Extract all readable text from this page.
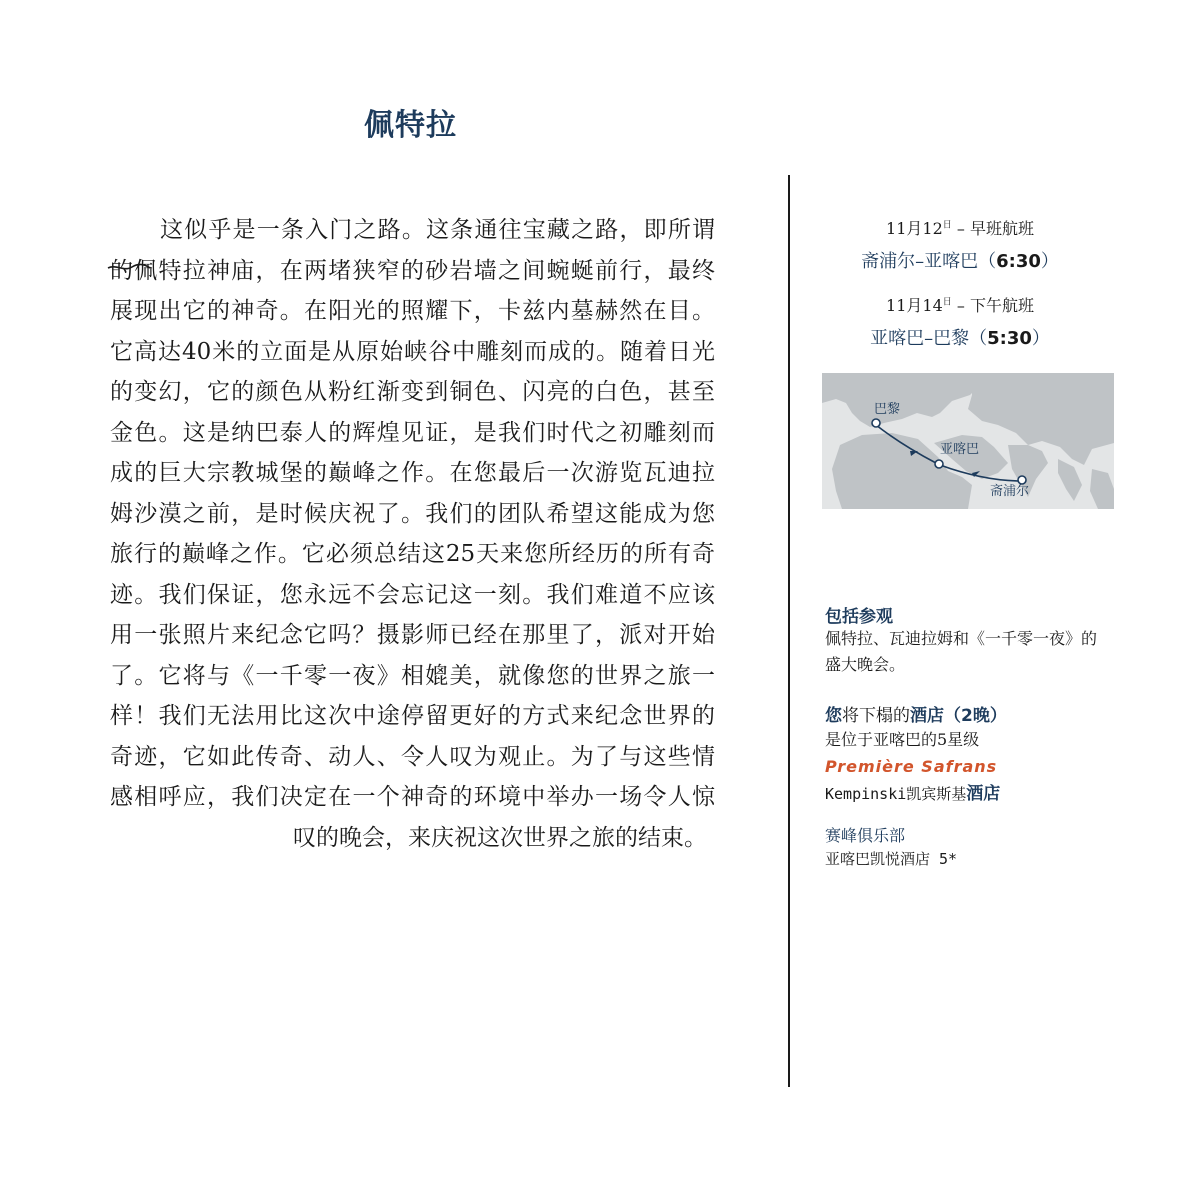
佩特拉
这似乎是一条入门之路。这条通往宝藏之路，即所谓
的佩特拉神庙，在两堵狭窄的砂岩墙之间蜿蜒前行，最终
展现出它的神奇。在阳光的照耀下，卡兹内墓赫然在目。
它高达40米的立面是从原始峡谷中雕刻而成的。随着日光
的变幻，它的颜色从粉红渐变到铜色、闪亮的白色，甚至
金色。这是纳巴泰人的辉煌见证，是我们时代之初雕刻而
成的巨大宗教城堡的巅峰之作。在您最后一次游览瓦迪拉
姆沙漠之前，是时候庆祝了。我们的团队希望这能成为您
旅行的巅峰之作。它必须总结这25天来您所经历的所有奇
迹。我们保证，您永远不会忘记这一刻。我们难道不应该
用一张照片来纪念它吗？摄影师已经在那里了，派对开始
了。它将与《一千零一夜》相媲美，就像您的世界之旅一
样！我们无法用比这次中途停留更好的方式来纪念世界的
奇迹，它如此传奇、动人、令人叹为观止。为了与这些情
感相呼应，我们决定在一个神奇的环境中举办一场令人惊
叹的晚会，来庆祝这次世界之旅的结束。
11月$12^日$ – 早班航班
斋浦尔–亚喀巴（6:30）
11月$14^日$ – 下午航班
亚喀巴–巴黎（5:30）
巴黎
亚喀巴
斋浦尔
包括参观
佩特拉、瓦迪拉姆和《一千零一夜》的
盛大晚会。
您将下榻的酒店（2晚）
是位于亚喀巴的5星级
Première Safrans
Kempinski凯宾斯基酒店
赛峰俱乐部
亚喀巴凯悦酒店 5*
